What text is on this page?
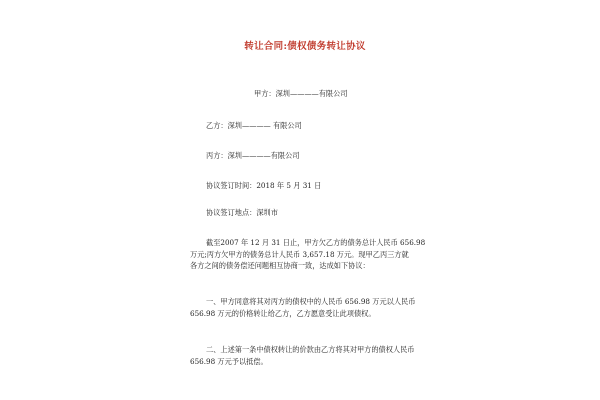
转让合同:债权债务转让协议
甲方：深圳————有限公司
乙方：深圳———— 有限公司
丙方：深圳————有限公司
协议签订时间：2018 年 5 月 31 日
协议签订地点：深圳市
截至2007 年 12 月 31 日止，甲方欠乙方的债务总计人民币 656.98
万元;丙方欠甲方的债务总计人民币 3,657.18 万元。现甲乙丙三方就
各方之间的债务偿还问题相互协商一致，达成如下协议：
一、甲方同意将其对丙方的债权中的人民币 656.98 万元以人民币
656.98 万元的价格转让给乙方，乙方愿意受让此项债权。
二、上述第一条中债权转让的价款由乙方将其对甲方的债权人民币
656.98 万元予以抵偿。
